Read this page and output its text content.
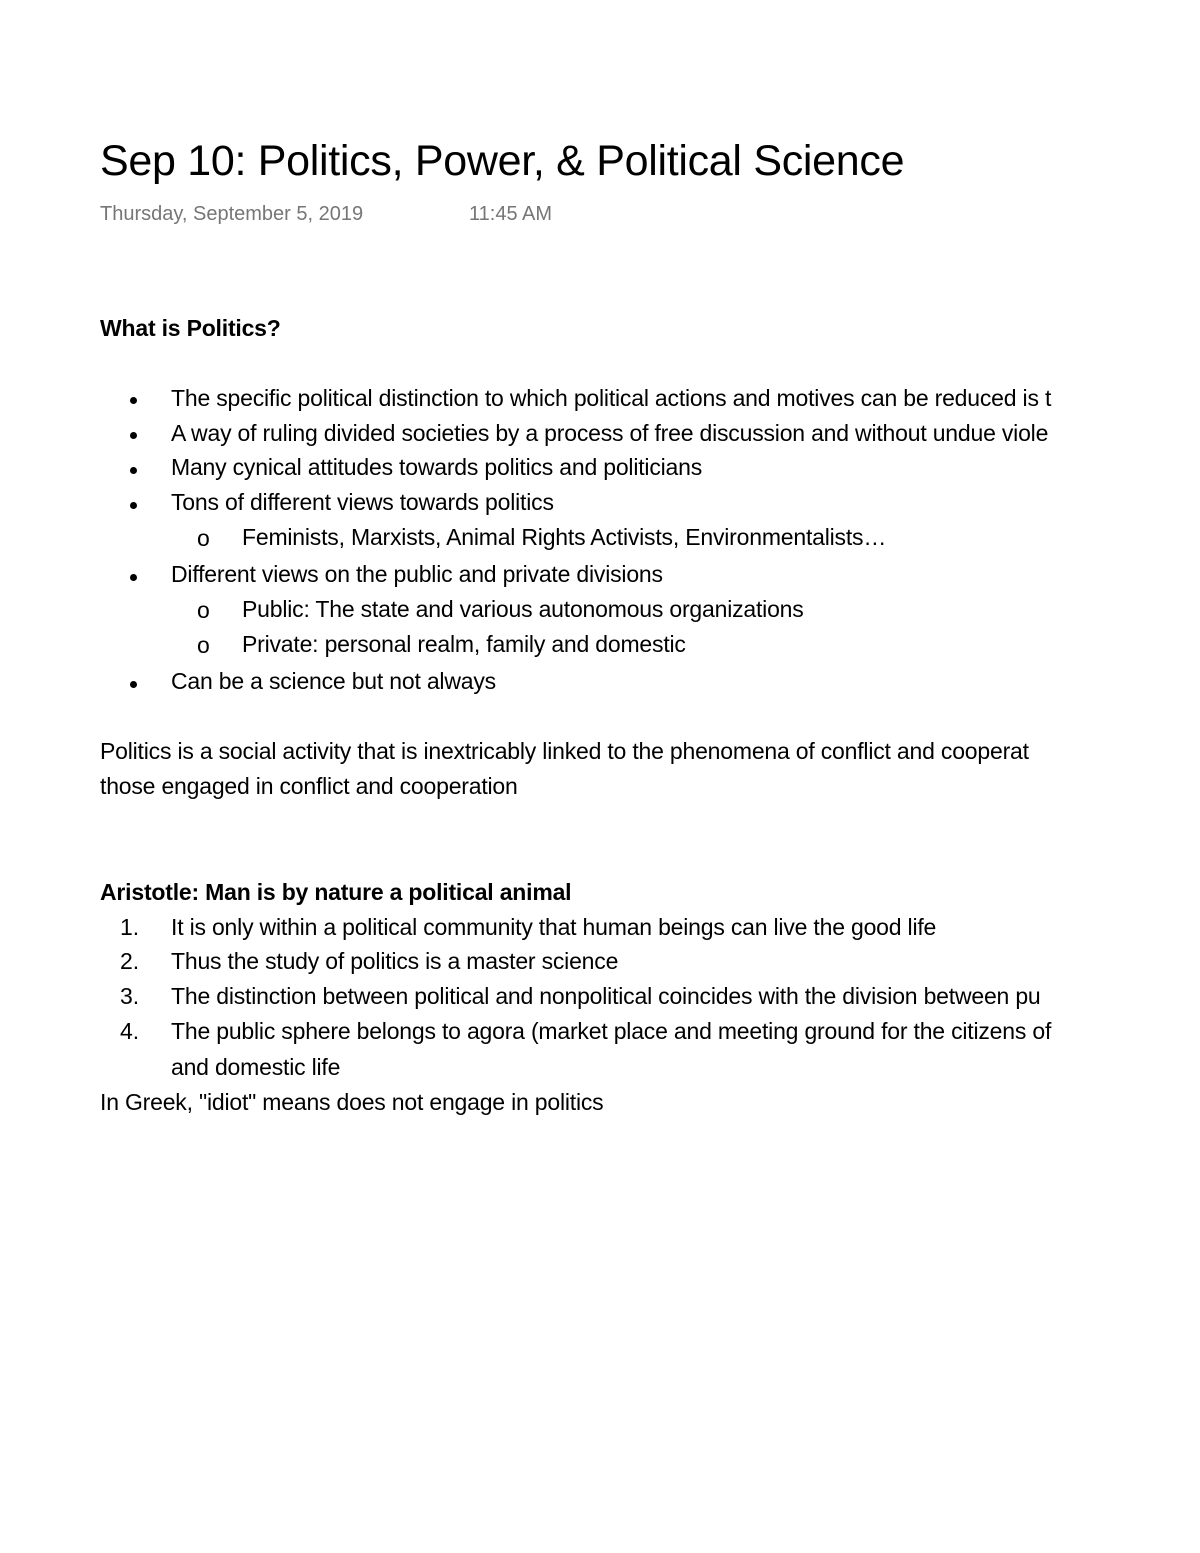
Sep 10: Politics, Power, & Political Science
Thursday, September 5, 2019	11:45 AM
What is Politics?
The specific political distinction to which political actions and motives can be reduced is t
A way of ruling divided societies by a process of free discussion and without undue viole
Many cynical attitudes towards politics and politicians
Tons of different views towards politics
o Feminists, Marxists, Animal Rights Activists, Environmentalists…
Different views on the public and private divisions
o Public: The state and various autonomous organizations
o Private: personal realm, family and domestic
Can be a science but not always
Politics is a social activity that is inextricably linked to the phenomena of conflict and cooperat
those engaged in conflict and cooperation
Aristotle: Man is by nature a political animal
1. It is only within a political community that human beings can live the good life
2. Thus the study of politics is a master science
3. The distinction between political and nonpolitical coincides with the division between pu
4. The public sphere belongs to agora (market place and meeting ground for the citizens of
and domestic life
In Greek, "idiot" means does not engage in politics
